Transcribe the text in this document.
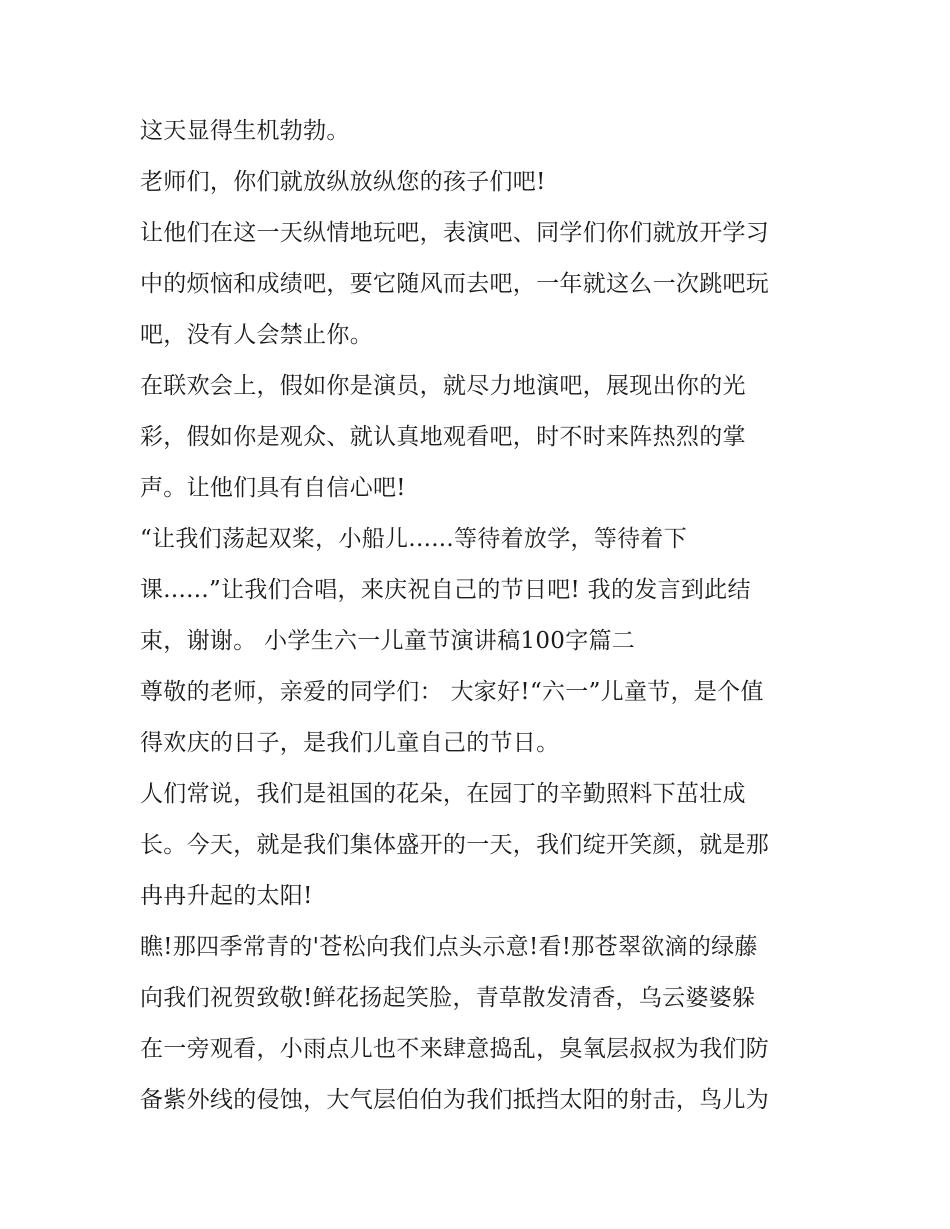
这天显得生机勃勃。
老师们，你们就放纵放纵您的孩子们吧!
让他们在这一天纵情地玩吧，表演吧、同学们你们就放开学习
中的烦恼和成绩吧，要它随风而去吧，一年就这么一次跳吧玩
吧，没有人会禁止你。
在联欢会上，假如你是演员，就尽力地演吧，展现出你的光
彩，假如你是观众、就认真地观看吧，时不时来阵热烈的掌
声。让他们具有自信心吧!
“让我们荡起双桨，小船儿......等待着放学，等待着下
课......”让我们合唱，来庆祝自己的节日吧! 我的发言到此结
束，谢谢。 小学生六一儿童节演讲稿100字篇二
尊敬的老师，亲爱的同学们： 大家好!“六一”儿童节，是个值
得欢庆的日子，是我们儿童自己的节日。
人们常说，我们是祖国的花朵，在园丁的辛勤照料下茁壮成
长。今天，就是我们集体盛开的一天，我们绽开笑颜，就是那
冉冉升起的太阳!
瞧!那四季常青的'苍松向我们点头示意!看!那苍翠欲滴的绿藤
向我们祝贺致敬!鲜花扬起笑脸，青草散发清香，乌云婆婆躲
在一旁观看，小雨点儿也不来肆意捣乱，臭氧层叔叔为我们防
备紫外线的侵蚀，大气层伯伯为我们抵挡太阳的射击，鸟儿为
